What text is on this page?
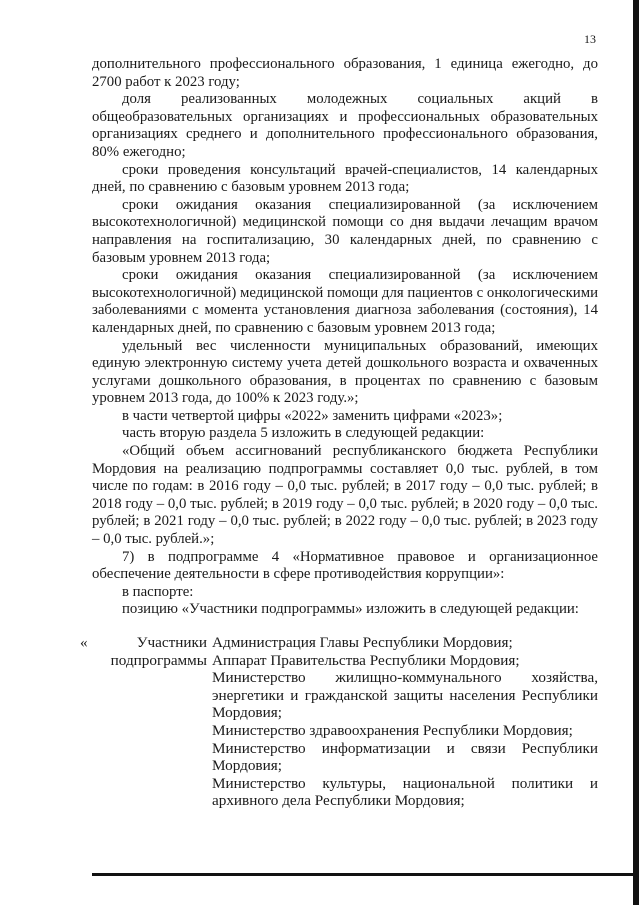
13

дополнительного профессионального образования, 1 единица ежегодно, до 2700 работ к 2023 году;

доля реализованных молодежных социальных акций в общеобразовательных организациях и профессиональных образовательных организациях среднего и дополнительного профессионального образования, 80% ежегодно;

сроки проведения консультаций врачей-специалистов, 14 календарных дней, по сравнению с базовым уровнем 2013 года;

сроки ожидания оказания специализированной (за исключением высокотехнологичной) медицинской помощи со дня выдачи лечащим врачом направления на госпитализацию, 30 календарных дней, по сравнению с базовым уровнем 2013 года;

сроки ожидания оказания специализированной (за исключением высокотехнологичной) медицинской помощи для пациентов с онкологическими заболеваниями с момента установления диагноза заболевания (состояния), 14 календарных дней, по сравнению с базовым уровнем 2013 года;

удельный вес численности муниципальных образований, имеющих единую электронную систему учета детей дошкольного возраста и охваченных услугами дошкольного образования, в процентах по сравнению с базовым уровнем 2013 года, до 100% к 2023 году.»;

в части четвертой цифры «2022» заменить цифрами «2023»;

часть вторую раздела 5 изложить в следующей редакции:

«Общий объем ассигнований республиканского бюджета Республики Мордовия на реализацию подпрограммы составляет 0,0 тыс. рублей, в том числе по годам: в 2016 году – 0,0 тыс. рублей; в 2017 году – 0,0 тыс. рублей; в 2018 году – 0,0 тыс. рублей; в 2019 году – 0,0 тыс. рублей; в 2020 году – 0,0 тыс. рублей; в 2021 году – 0,0 тыс. рублей; в 2022 году – 0,0 тыс. рублей; в 2023 году – 0,0 тыс. рублей.»;

7) в подпрограмме 4 «Нормативное правовое и организационное обеспечение деятельности в сфере противодействия коррупции»:

в паспорте:

позицию «Участники подпрограммы» изложить в следующей редакции:

«	Участники подпрограммы

Администрация Главы Республики Мордовия;

Аппарат Правительства Республики Мордовия;

Министерство жилищно-коммунального хозяйства, энергетики и гражданской защиты населения Республики Мордовия;

Министерство здравоохранения Республики Мордовия;

Министерство информатизации и связи Республики Мордовия;

Министерство культуры, национальной политики и архивного дела Республики Мордовия;
